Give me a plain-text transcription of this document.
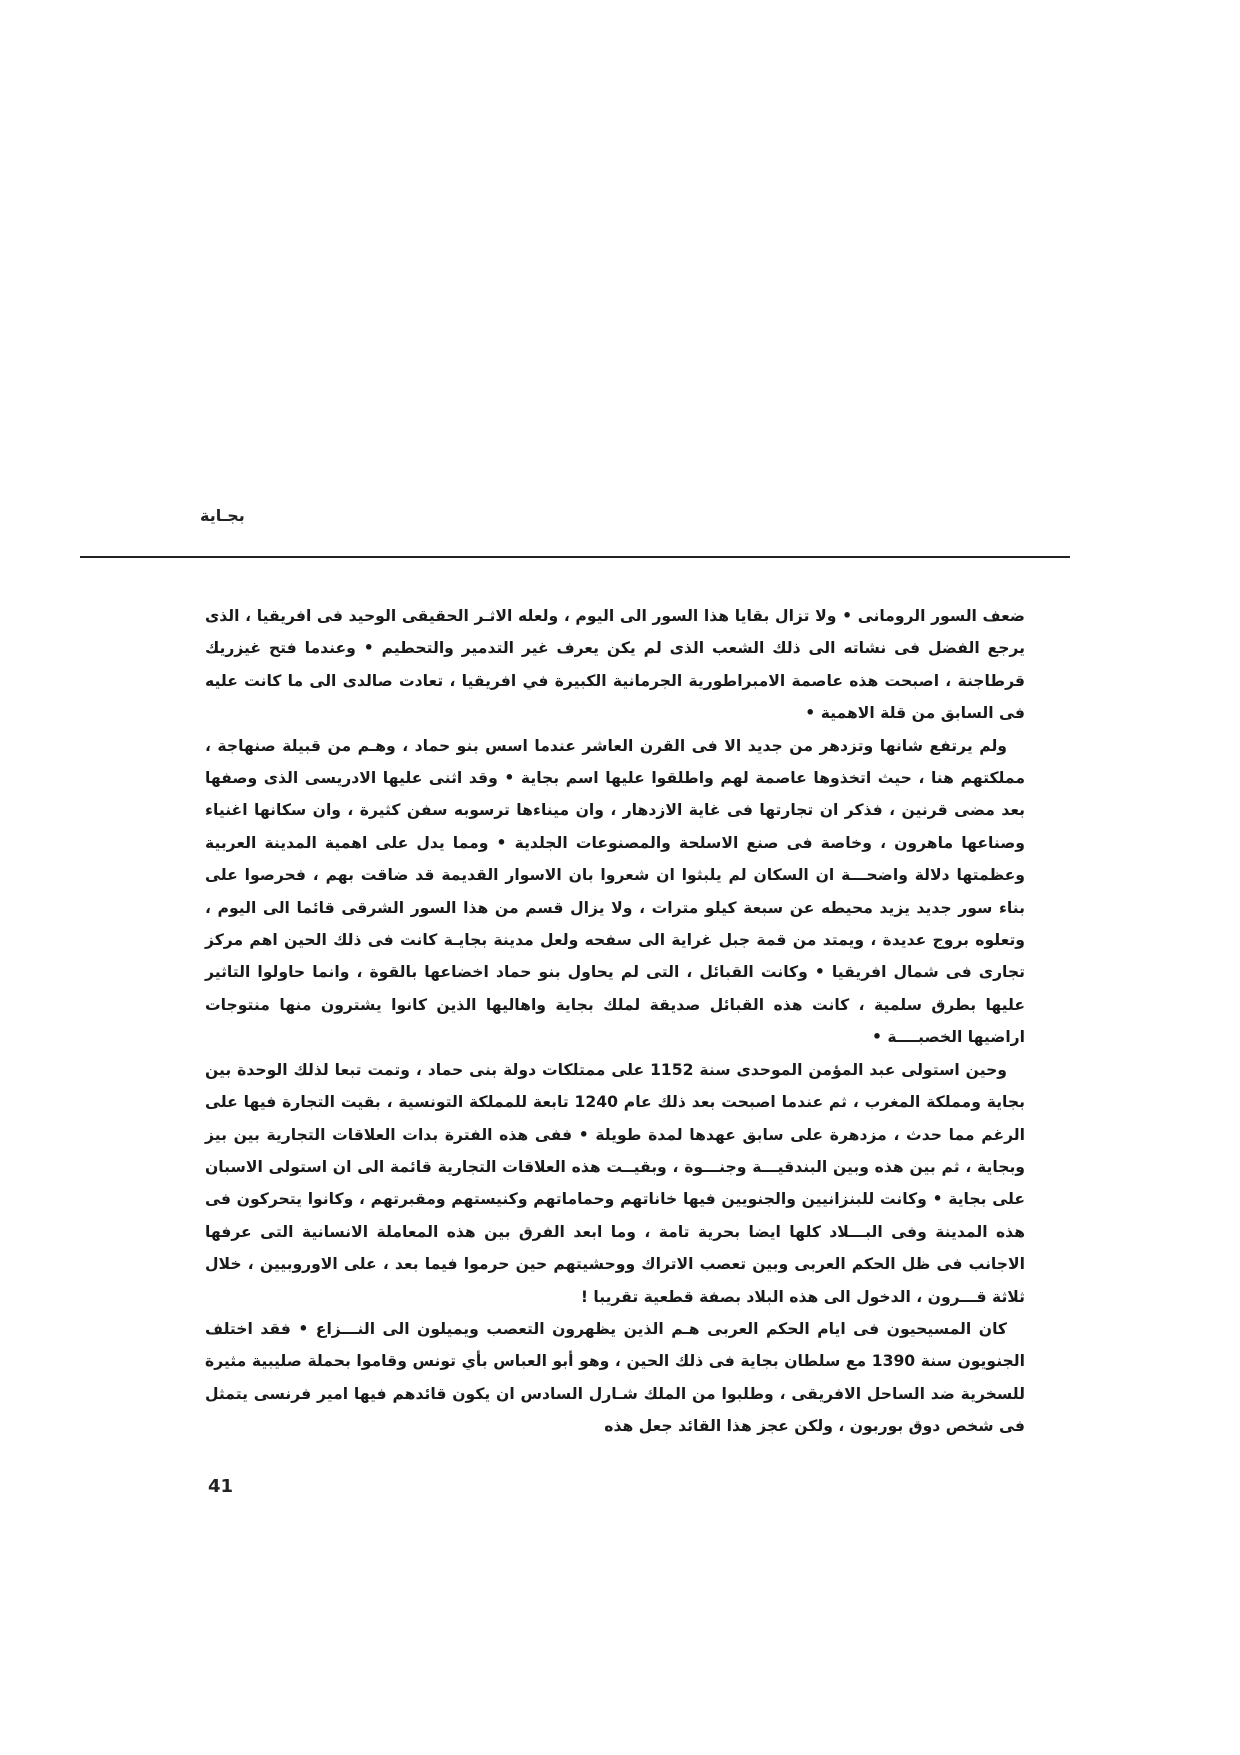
بجـاية

ضعف السور الرومانى • ولا تزال بقايا هذا السور الى اليوم ، ولعله الاثـر الحقيقى الوحيد فى افريقيا ، الذى يرجع الفضل فى نشاته الى ذلك الشعب الذى لم يكن يعرف غير التدمير والتحطيم • وعندما فتح غيزريك قرطاجنة ، اصبحت هذه عاصمة الامبراطورية الجرمانية الكبيرة في افريقيا ، تعادت صالدى الى ما كانت عليه فى السابق من قلة الاهمية •

ولم يرتفع شانها وتزدهر من جديد الا فى القرن العاشر عندما اسس بنو حماد ، وهـم من قبيلة صنهاجة ، مملكتهم هنا ، حيث اتخذوها عاصمة لهم واطلقوا عليها اسم بجاية • وقد اثنى عليها الادريسى الذى وصفها بعد مضى قرنين ، فذكر ان تجارتها فى غاية الازدهار ، وان ميناءها ترسوبه سفن كثيرة ، وان سكانها اغنياء وصناعها ماهرون ، وخاصة فى صنع الاسلحة والمصنوعات الجلدية • ومما يدل على اهمية المدينة العربية وعظمتها دلالة واضحـــة ان السكان لم يلبثوا ان شعروا بان الاسوار القديمة قد ضاقت بهم ، فحرصوا على بناء سور جديد يزيد محيطه عن سبعة كيلو مترات ، ولا يزال قسم من هذا السور الشرقى قائما الى اليوم ، وتعلوه بروج عديدة ، ويمتد من قمة جبل غراية الى سفحه ولعل مدينة بجايـة كانت فى ذلك الحين اهم مركز تجارى فى شمال افريقيا • وكانت القبائل ، التى لم يحاول بنو حماد اخضاعها بالقوة ، وانما حاولوا التاثير عليها بطرق سلمية ، كانت هذه القبائل صديقة لملك بجاية واهاليها الذين كانوا يشترون منها منتوجات اراضيها الخصبــــة •

وحين استولى عبد المؤمن الموحدى سنة 1152 على ممتلكات دولة بنى حماد ، وتمت تبعا لذلك الوحدة بين بجاية ومملكة المغرب ، ثم عندما اصبحت بعد ذلك عام 1240 تابعة للمملكة التونسية ، بقيت التجارة فيها على الرغم مما حدث ، مزدهرة على سابق عهدها لمدة طويلة • ففى هذه الفترة بدات العلاقات التجارية بين بيز وبجاية ، ثم بين هذه وبين البندقيـــة وجنـــوة ، وبقيــت هذه العلاقات التجارية قائمة الى ان استولى الاسبان على بجاية • وكانت للبنزانيين والجنويين فيها خاناتهم وحماماتهم وكنيستهم ومقبرتهم ، وكانوا يتحركون فى هذه المدينة وفى البـــلاد كلها ايضا بحرية تامة ، وما ابعد الفرق بين هذه المعاملة الانسانية التى عرفها الاجانب فى ظل الحكم العربى وبين تعصب الاتراك ووحشيتهم حين حرموا فيما بعد ، على الاوروبيين ، خلال ثلاثة قـــرون ، الدخول الى هذه البلاد بصفة قطعية تقريبا !

كان المسيحيون فى ايام الحكم العربى هـم الذين يظهرون التعصب ويميلون الى النـــزاع • فقد اختلف الجنويون سنة 1390 مع سلطان بجاية فى ذلك الحين ، وهو أبو العباس بأي تونس وقاموا بحملة صليبية مثيرة للسخرية ضد الساحل الافريقى ، وطلبوا من الملك شـارل السادس ان يكون قائدهم فيها امير فرنسى يتمثل فى شخص دوق بوربون ، ولكن عجز هذا القائد جعل هذه

41
